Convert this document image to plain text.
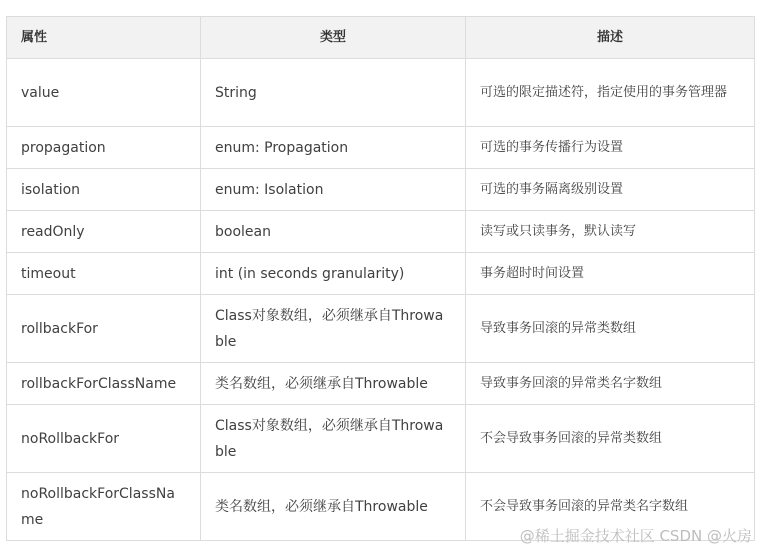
属性	类型	描述
value	String	可选的限定描述符，指定使用的事务管理器
propagation	enum: Propagation	可选的事务传播行为设置
isolation	enum: Isolation	可选的事务隔离级别设置
readOnly	boolean	读写或只读事务，默认读写
timeout	int (in seconds granularity)	事务超时时间设置
rollbackFor	Class对象数组，必须继承自Throwable	导致事务回滚的异常类数组
rollbackForClassName	类名数组，必须继承自Throwable	导致事务回滚的异常类名字数组
noRollbackFor	Class对象数组，必须继承自Throwable	不会导致事务回滚的异常类数组
noRollbackForClassName	类名数组，必须继承自Throwable	不会导致事务回滚的异常类名字数组
@稀土掘金技术社区 CSDN @火房
